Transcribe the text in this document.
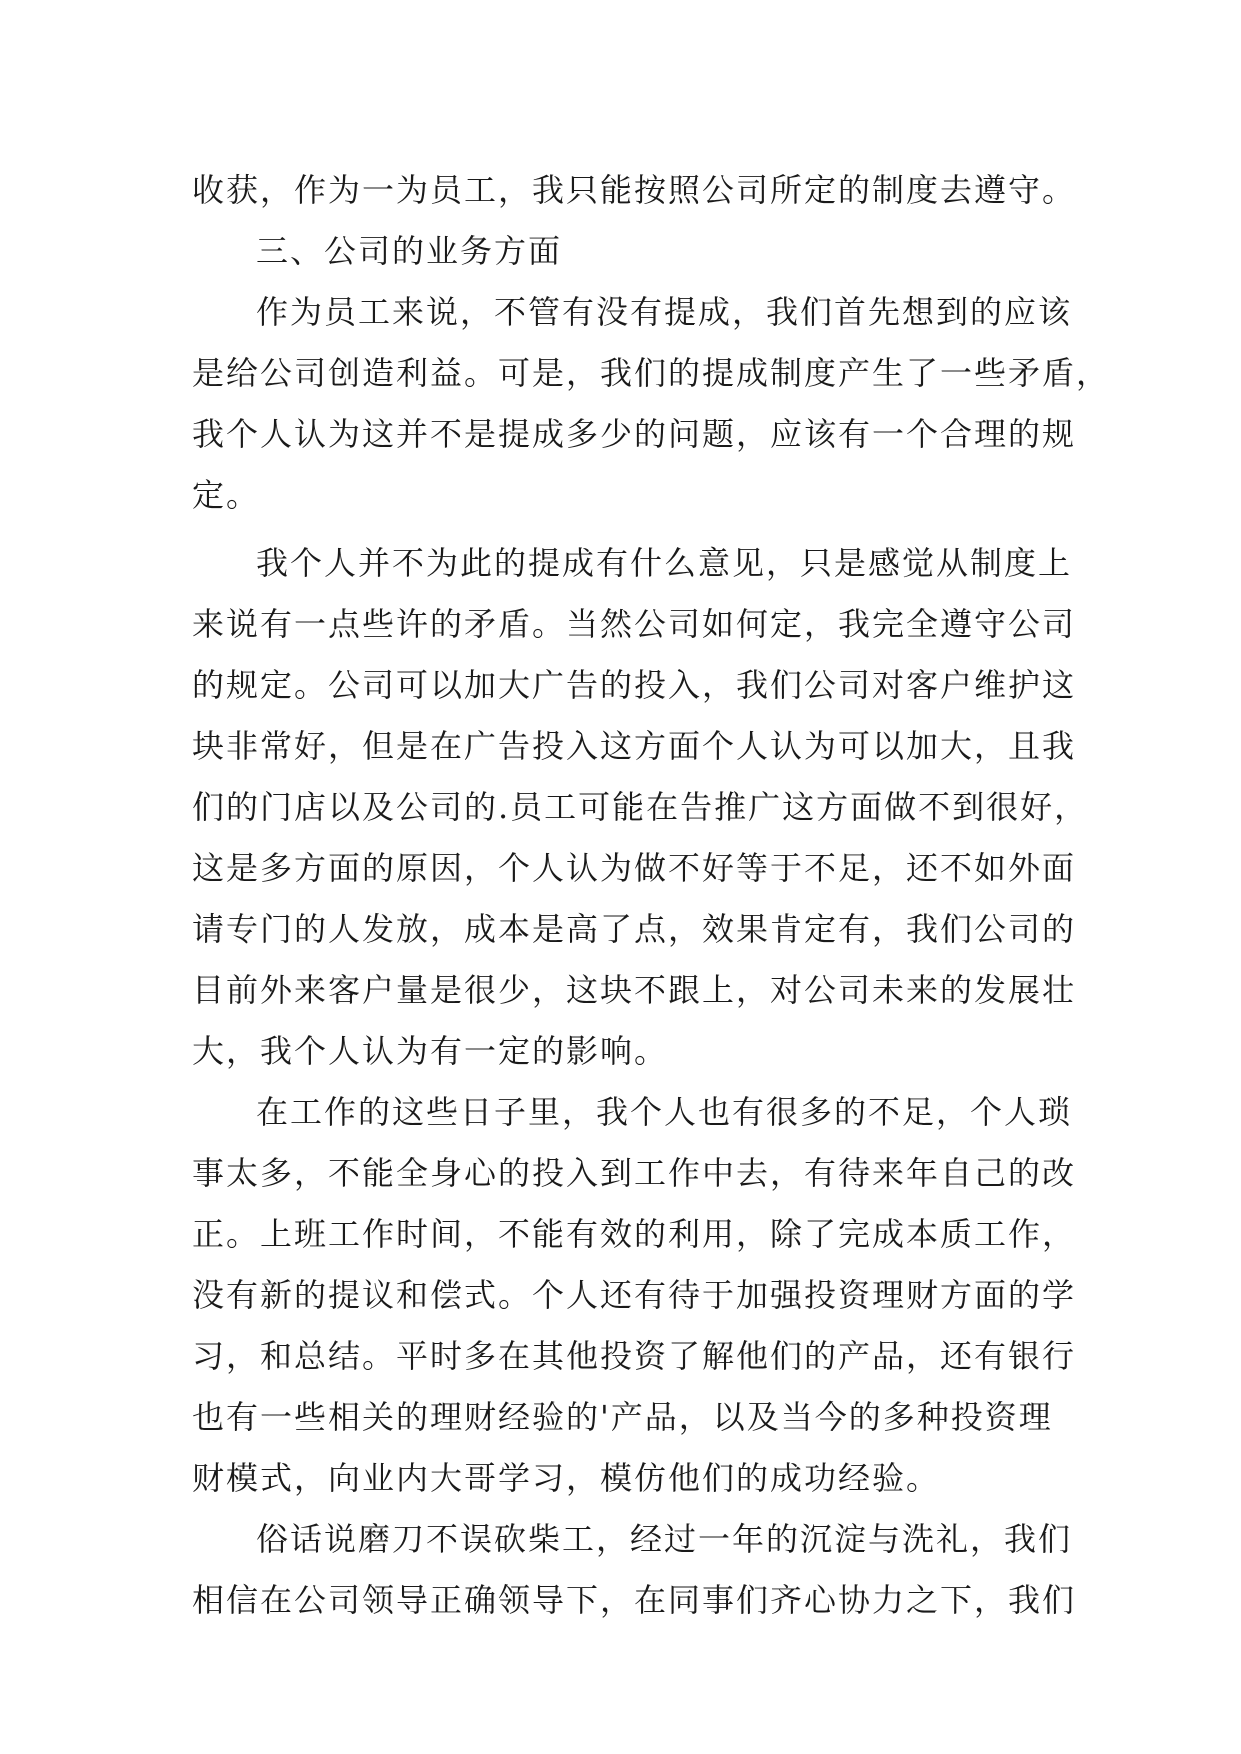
收获，作为一为员工，我只能按照公司所定的制度去遵守。
三、公司的业务方面
作为员工来说，不管有没有提成，我们首先想到的应该
是给公司创造利益。可是，我们的提成制度产生了一些矛盾，
我个人认为这并不是提成多少的问题，应该有一个合理的规
定。
我个人并不为此的提成有什么意见，只是感觉从制度上
来说有一点些许的矛盾。当然公司如何定，我完全遵守公司
的规定。公司可以加大广告的投入，我们公司对客户维护这
块非常好，但是在广告投入这方面个人认为可以加大，且我
们的门店以及公司的.员工可能在告推广这方面做不到很好，
这是多方面的原因，个人认为做不好等于不足，还不如外面
请专门的人发放，成本是高了点，效果肯定有，我们公司的
目前外来客户量是很少，这块不跟上，对公司未来的发展壮
大，我个人认为有一定的影响。
在工作的这些日子里，我个人也有很多的不足，个人琐
事太多，不能全身心的投入到工作中去，有待来年自己的改
正。上班工作时间，不能有效的利用，除了完成本质工作，
没有新的提议和偿式。个人还有待于加强投资理财方面的学
习，和总结。平时多在其他投资了解他们的产品，还有银行
也有一些相关的理财经验的'产品，以及当今的多种投资理
财模式，向业内大哥学习，模仿他们的成功经验。
俗话说磨刀不误砍柴工，经过一年的沉淀与洗礼，我们
相信在公司领导正确领导下，在同事们齐心协力之下，我们
